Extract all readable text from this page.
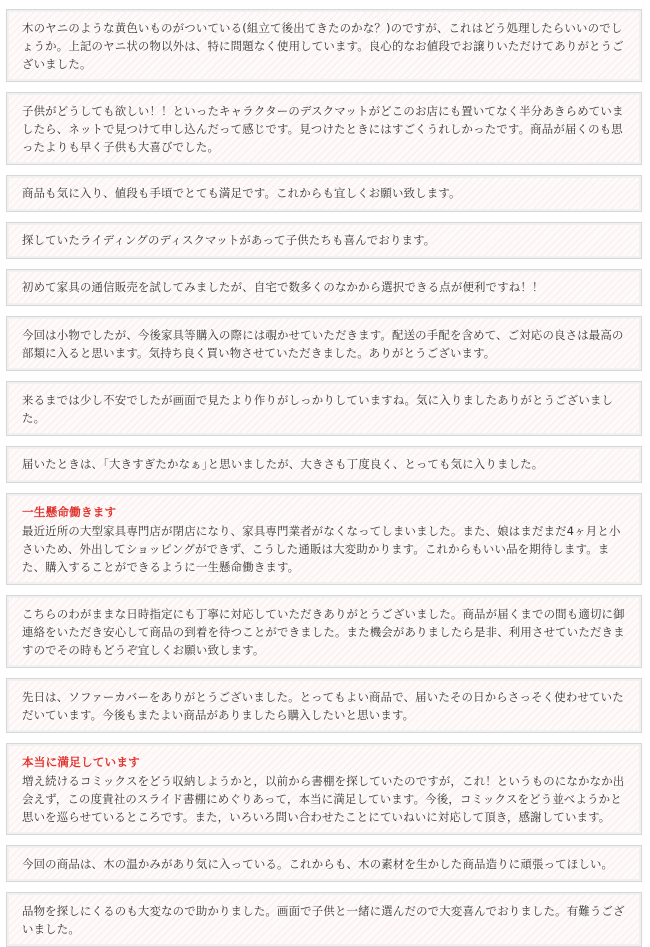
木のヤニのような黄色いものがついている(組立て後出てきたのかな？)のですが、これはどう処理したらいいのでしょうか。上記のヤニ状の物以外は、特に問題なく使用しています。良心的なお値段でお譲りいただけてありがとうございました。
子供がどうしても欲しい！！といったキャラクターのデスクマットがどこのお店にも置いてなく半分あきらめていましたら、ネットで見つけて申し込んだって感じです。見つけたときにはすごくうれしかったです。商品が届くのも思ったよりも早く子供も大喜びでした。
商品も気に入り、値段も手頃でとても満足です。これからも宜しくお願い致します。
探していたライディングのディスクマットがあって子供たちも喜んでおります。
初めて家具の通信販売を試してみましたが、自宅で数多くのなかから選択できる点が便利ですね！！
今回は小物でしたが、今後家具等購入の際には覗かせていただきます。配送の手配を含めて、ご対応の良さは最高の部類に入ると思います。気持ち良く買い物させていただきました。ありがとうございます。
来るまでは少し不安でしたが画面で見たより作りがしっかりしていますね。気に入りましたありがとうございました。
届いたときは、｢大きすぎたかなぁ｣と思いましたが、大きさも丁度良く、とっても気に入りました。
一生懸命働きます
最近近所の大型家具専門店が閉店になり、家具専門業者がなくなってしまいました。また、娘はまだまだ4ヶ月と小さいため、外出してショッピングができず、こうした通販は大変助かります。これからもいい品を期待します。また、購入することができるように一生懸命働きます。
こちらのわがままな日時指定にも丁寧に対応していただきありがとうございました。商品が届くまでの間も適切に御連絡をいただき安心して商品の到着を待つことができました。また機会がありましたら是非、利用させていただきますのでその時もどうぞ宜しくお願い致します。
先日は、ソファーカバーをありがとうございました。とってもよい商品で、届いたその日からさっそく使わせていただいています。今後もまたよい商品がありましたら購入したいと思います。
本当に満足しています
増え続けるコミックスをどう収納しようかと，以前から書棚を探していたのですが，これ！というものになかなか出会えず，この度貴社のスライド書棚にめぐりあって，本当に満足しています。今後，コミックスをどう並べようかと思いを巡らせているところです。また，いろいろ問い合わせたことにていねいに対応して頂き，感謝しています。
今回の商品は、木の温かみがあり気に入っている。これからも、木の素材を生かした商品造りに頑張ってほしい。
品物を探しにくるのも大変なので助かりました。画面で子供と一緒に選んだので大変喜んでおりました。有難うございました。
